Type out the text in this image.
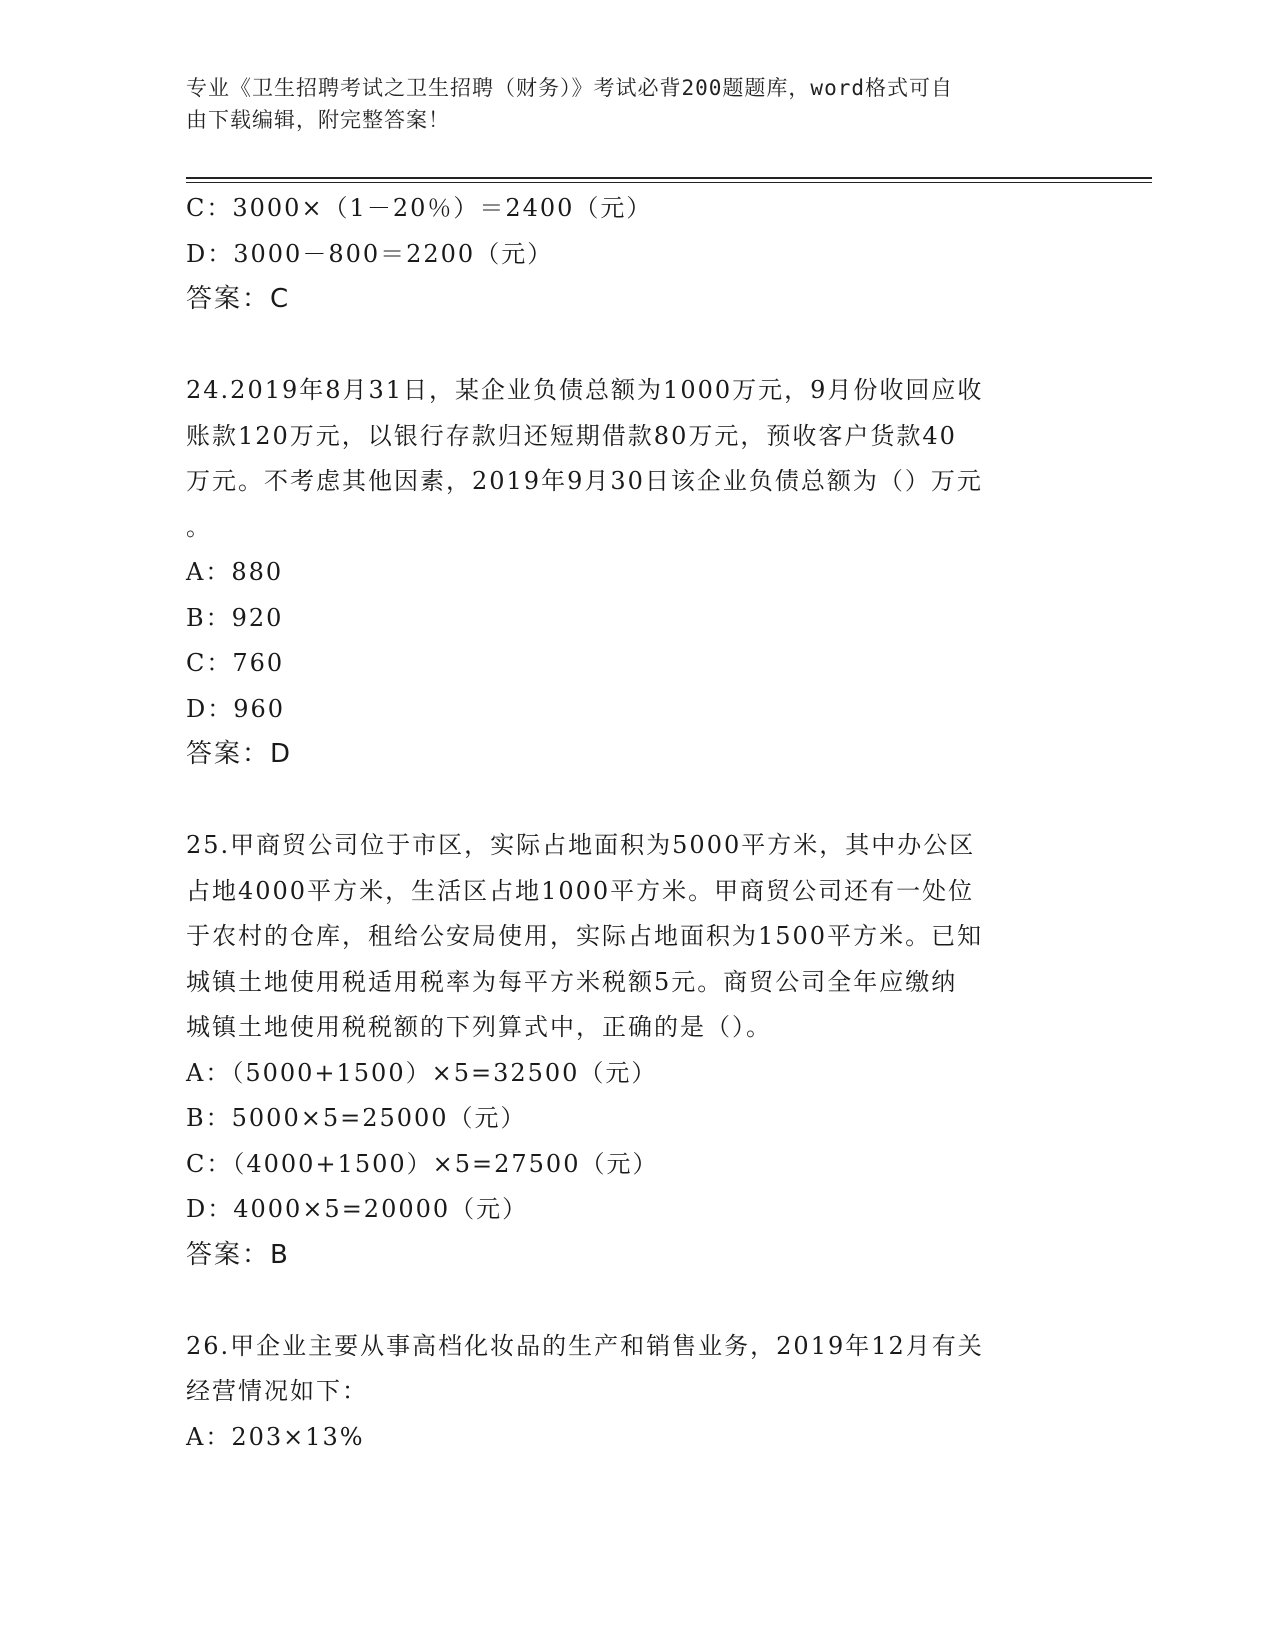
专业《卫生招聘考试之卫生招聘（财务）》考试必背200题题库，word格式可自
由下载编辑，附完整答案！
C：3000×（1－20％）＝2400（元）
D：3000－800＝2200（元）
答案：C
24.2019年8月31日，某企业负债总额为1000万元，9月份收回应收
账款120万元，以银行存款归还短期借款80万元，预收客户货款40
万元。不考虑其他因素，2019年9月30日该企业负债总额为（）万元
。
A：880
B：920
C：760
D：960
答案：D
25.甲商贸公司位于市区，实际占地面积为5000平方米，其中办公区
占地4000平方米，生活区占地1000平方米。甲商贸公司还有一处位
于农村的仓库，租给公安局使用，实际占地面积为1500平方米。已知
城镇土地使用税适用税率为每平方米税额5元。商贸公司全年应缴纳
城镇土地使用税税额的下列算式中，正确的是（）。
A：（5000+1500）×5=32500（元）
B：5000×5=25000（元）
C：（4000+1500）×5=27500（元）
D：4000×5=20000（元）
答案：B
26.甲企业主要从事高档化妆品的生产和销售业务，2019年12月有关
经营情况如下：
A：203×13%
